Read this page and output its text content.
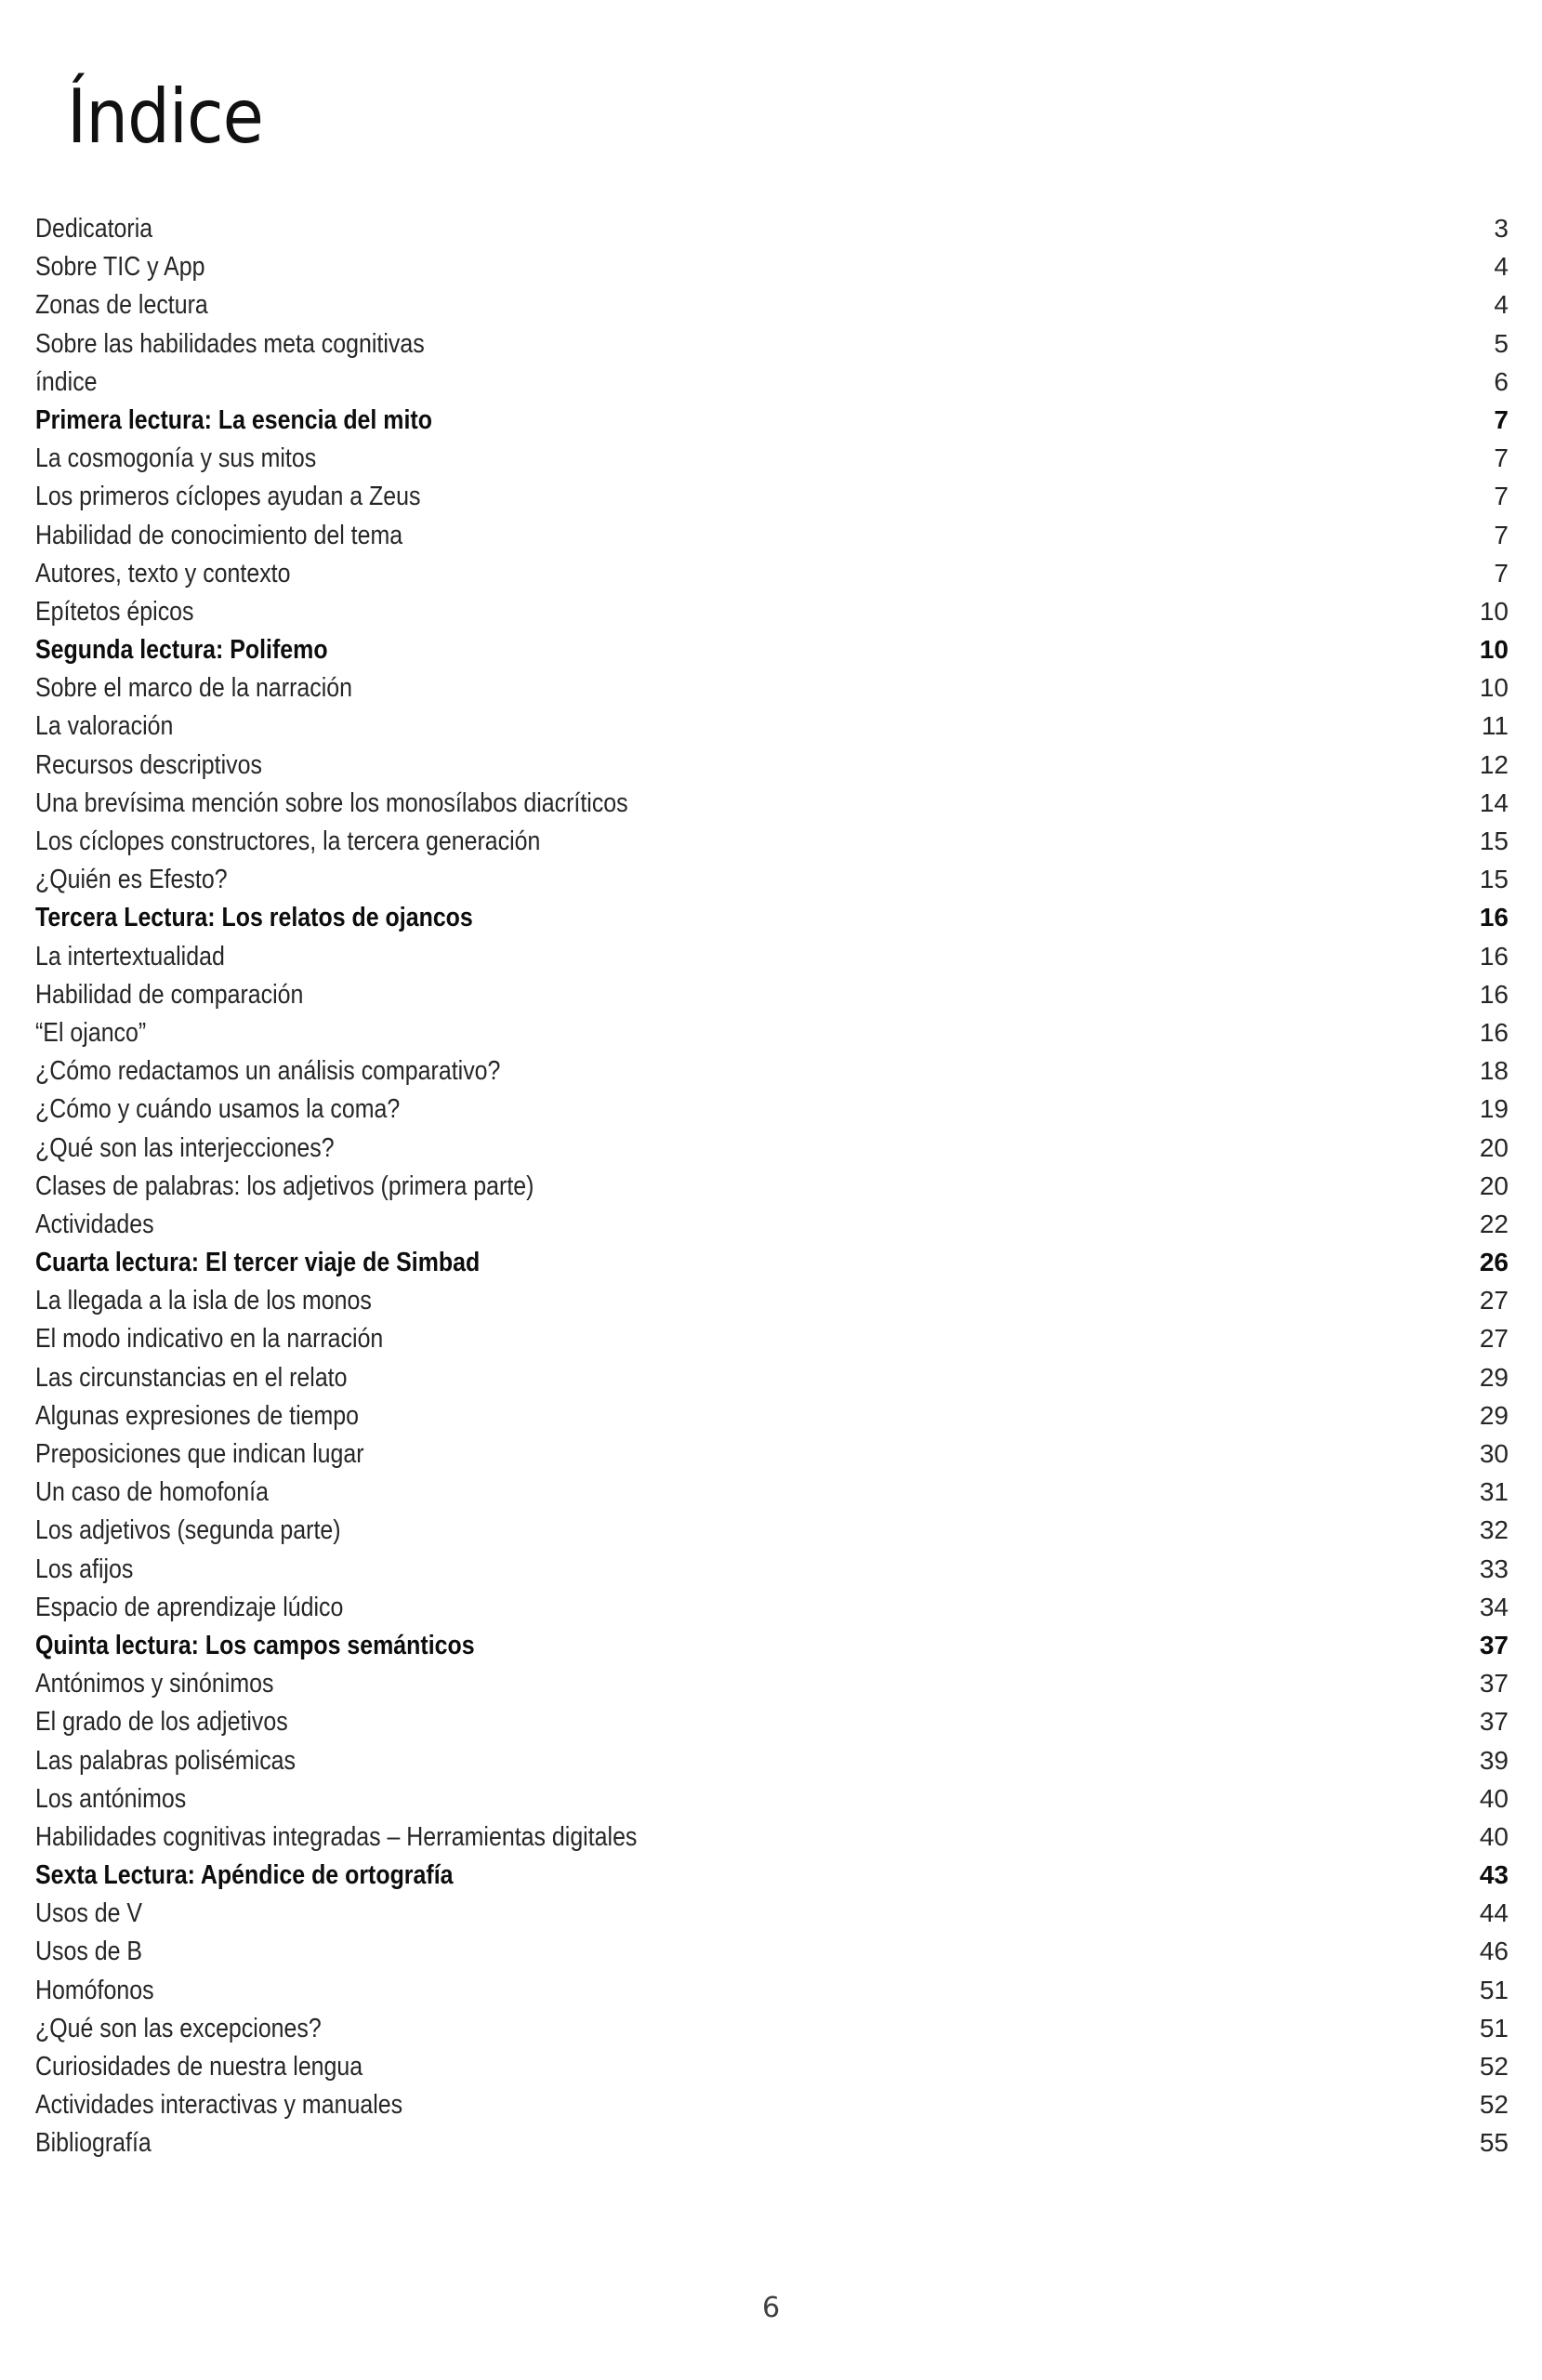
Índice
Dedicatoria	3
Sobre TIC y App	4
Zonas de lectura	4
Sobre las habilidades meta cognitivas	5
índice	6
Primera lectura: La esencia del mito	7
La cosmogonía y sus mitos	7
Los primeros cíclopes ayudan a Zeus	7
Habilidad de conocimiento del tema	7
Autores, texto y contexto	7
Epítetos épicos	10
Segunda lectura: Polifemo	10
Sobre el marco de la narración	10
La valoración	11
Recursos descriptivos	12
Una brevísima mención sobre los monosílabos diacríticos	14
Los cíclopes constructores, la tercera generación	15
¿Quién es Efesto?	15
Tercera Lectura: Los relatos de ojancos	16
La intertextualidad	16
Habilidad de comparación	16
“El ojanco”	16
¿Cómo redactamos un análisis comparativo?	18
¿Cómo y cuándo usamos la coma?	19
¿Qué son las interjecciones?	20
Clases de palabras: los adjetivos (primera parte)	20
Actividades	22
Cuarta lectura: El tercer viaje de Simbad	26
La llegada a la isla de los monos	27
El modo indicativo en la narración	27
Las circunstancias en el relato	29
Algunas expresiones de tiempo	29
Preposiciones que indican lugar	30
Un caso de homofonía	31
Los adjetivos (segunda parte)	32
Los afijos	33
Espacio de aprendizaje lúdico	34
Quinta lectura: Los campos semánticos	37
Antónimos y sinónimos	37
El grado de los adjetivos	37
Las palabras polisémicas	39
Los antónimos	40
Habilidades cognitivas integradas – Herramientas digitales	40
Sexta Lectura: Apéndice de ortografía	43
Usos de V	44
Usos de B	46
Homófonos	51
¿Qué son las excepciones?	51
Curiosidades de nuestra lengua	52
Actividades interactivas y manuales	52
Bibliografía	55
6
